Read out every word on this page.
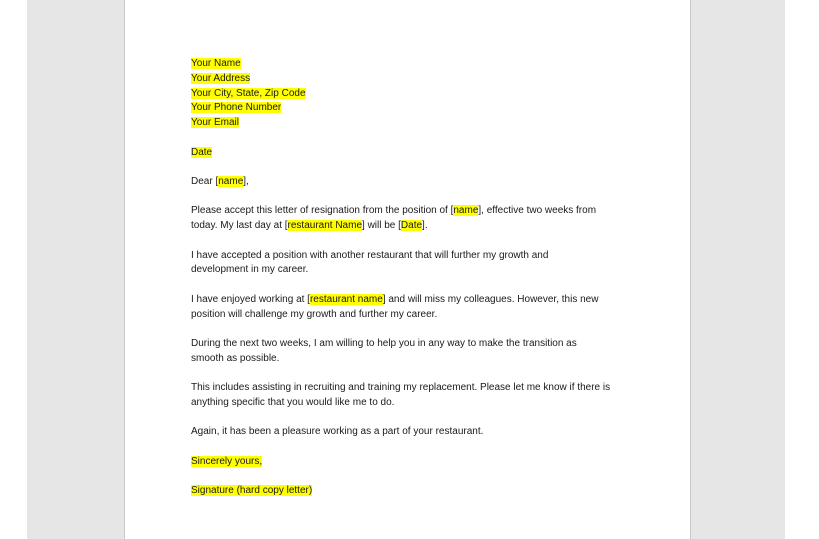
Your Name
Your Address
Your City, State, Zip Code
Your Phone Number
Your Email
Date
Dear [name],
Please accept this letter of resignation from the position of [name], effective two weeks from
today. My last day at [restaurant Name] will be [Date].
I have accepted a position with another restaurant that will further my growth and
development in my career.
I have enjoyed working at [restaurant name] and will miss my colleagues. However, this new
position will challenge my growth and further my career.
During the next two weeks, I am willing to help you in any way to make the transition as
smooth as possible.
This includes assisting in recruiting and training my replacement. Please let me know if there is
anything specific that you would like me to do.
Again, it has been a pleasure working as a part of your restaurant.
Sincerely yours,
Signature (hard copy letter)
